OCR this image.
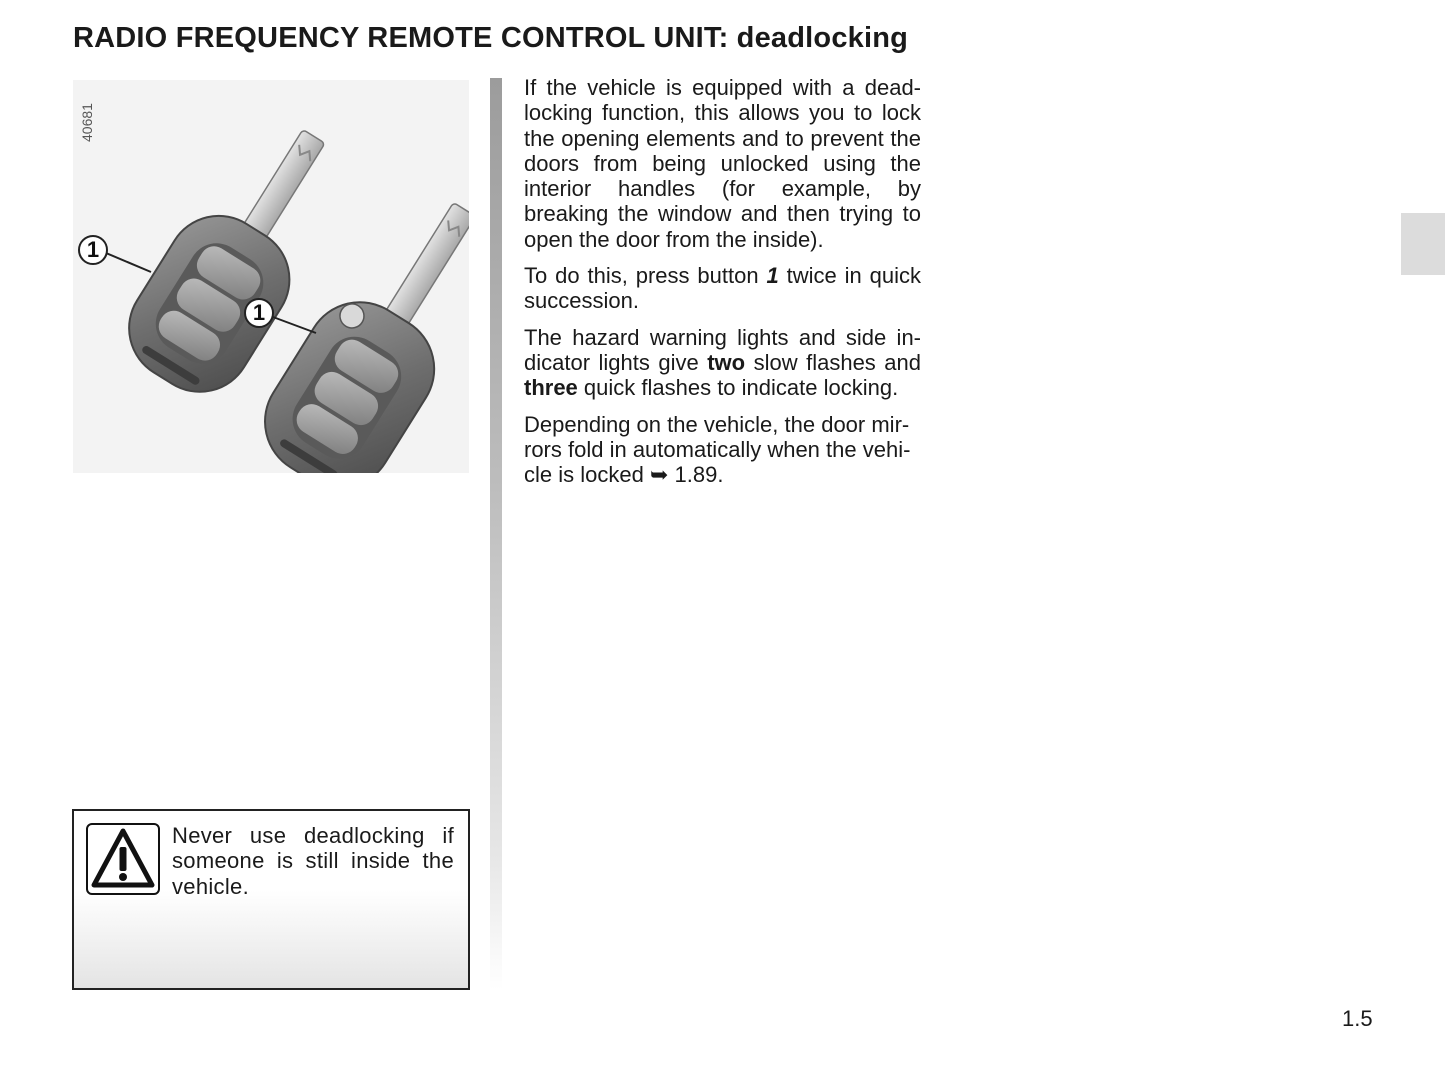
RADIO FREQUENCY REMOTE CONTROL UNIT: deadlocking
40681
1
1

If the vehicle is equipped with a dead-locking function, this allows you to lock the opening elements and to prevent the doors from being unlocked using the interior handles (for example, by breaking the window and then trying to open the door from the inside).

To do this, press button 1 twice in quick succession.

The hazard warning lights and side in-dicator lights give two slow flashes and three quick flashes to indicate locking.

Depending on the vehicle, the door mir-rors fold in automatically when the vehi-cle is locked ➥ 1.89.

Never use deadlocking if someone is still inside the vehicle.
1.5
